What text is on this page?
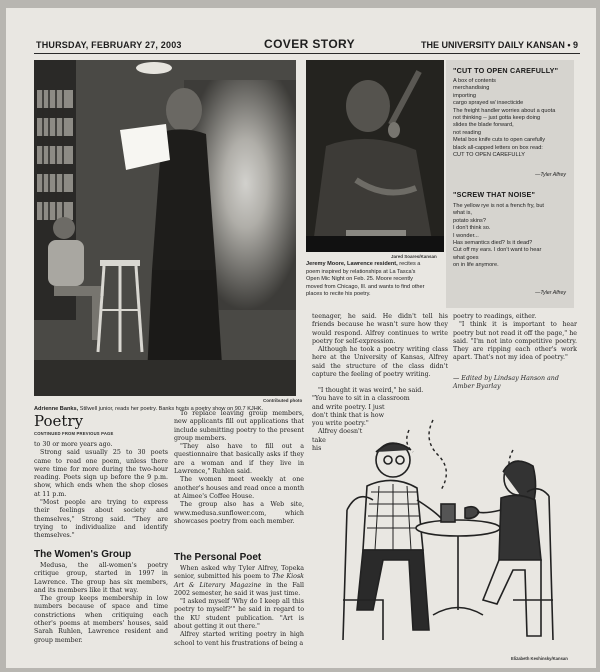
THURSDAY, FEBRUARY 27, 2003	COVER STORY	THE UNIVERSITY DAILY KANSAN • 9
Contributed photo
Adrienne Banks, Stilwell junior, reads her poetry. Banks hosts a poetry show on 90.7 KJHK.
Jared Soares/Kansan
Jeremy Moore, Lawrence resident, recites a
poem inspired by relationships at La Tasca's
Open Mic Night on Feb. 25. Moore recently
moved from Chicago, Ill. and wants to find other
places to recite his poetry.
"CUT TO OPEN CAREFULLY"
A box of contents
merchandising
importing
cargo sprayed w/ insecticide
The freight handler worries about a quota
not thinking -- just gotta keep doing
slides the blade forward,
not reading
Metal box knife cuts to open carefully
black all-capped letters on box read:
CUT TO OPEN CAREFULLY
—Tyler Alfrey
"SCREW THAT NOISE"
The yellow rye is not a french fry, but
what is,
potato skins?
I don't think so.
I wonder...
Has semantics died? Is it dead?
Cut off my ears. I don't want to hear
what goes
on in life anymore.
—Tyler Alfrey
Poetry
CONTINUED FROM PREVIOUS PAGE

to 30 or more years ago.

Strong said usually 25 to 30 poets came to read one poem, unless there were time for more during the two-hour reading. Poets sign up before the 9 p.m. show, which ends when the shop closes at 11 p.m.

"Most people are trying to express their feelings about society and themselves," Strong said. "They are trying to individualize and identify themselves."

The Women's Group

Medusa, the all-women's poetry critique group, started in 1997 in Lawrence. The group has six members, and its members like it that way.

The group keeps membership in low numbers because of space and time constrictions when critiquing each other's poems at members' houses, said Sarah Ruhlen, Lawrence resident and group member.

To replace leaving group members, new applicants fill out applications that include submitting poetry to the present group members.

"They also have to fill out a questionnaire that basically asks if they are a woman and if they live in Lawrence," Ruhlen said.

The women meet weekly at one another's houses and read once a month at Aimee's Coffee House.

The group also has a Web site, www.medusa.sunflower.com, which showcases poetry from each member.

The Personal Poet

When asked why Tyler Alfrey, Topeka senior, submitted his poem to The Kiosk Art & Literary Magazine in the Fall 2002 semester, he said it was just time.

"I asked myself 'Why do I keep all this poetry to myself?'" he said in regard to the KU student publication. "Art is about getting it out there."

Alfrey started writing poetry in high school to vent his frustrations of being a

teenager, he said. He didn't tell his friends because he wasn't sure how they would respond. Alfrey continues to write poetry for self-expression.

Although he took a poetry writing class here at the University of Kansas, Alfrey said the structure of the class didn't capture the feeling of poetry writing.

"I thought it was weird," he said.
"You have to sit in a classroom
and write poetry. I just
don't think that is how
you write poetry."
Alfrey doesn't
take
his

poetry to readings, either.

"I think it is important to hear poetry but not read it off the page," he said. "I'm not into competitive poetry. They are ripping each other's work apart. That's not my idea of poetry."

— Edited by Lindsay Hanson and Amber Byarlay
Elizabeth Keshinsky/Kansan
